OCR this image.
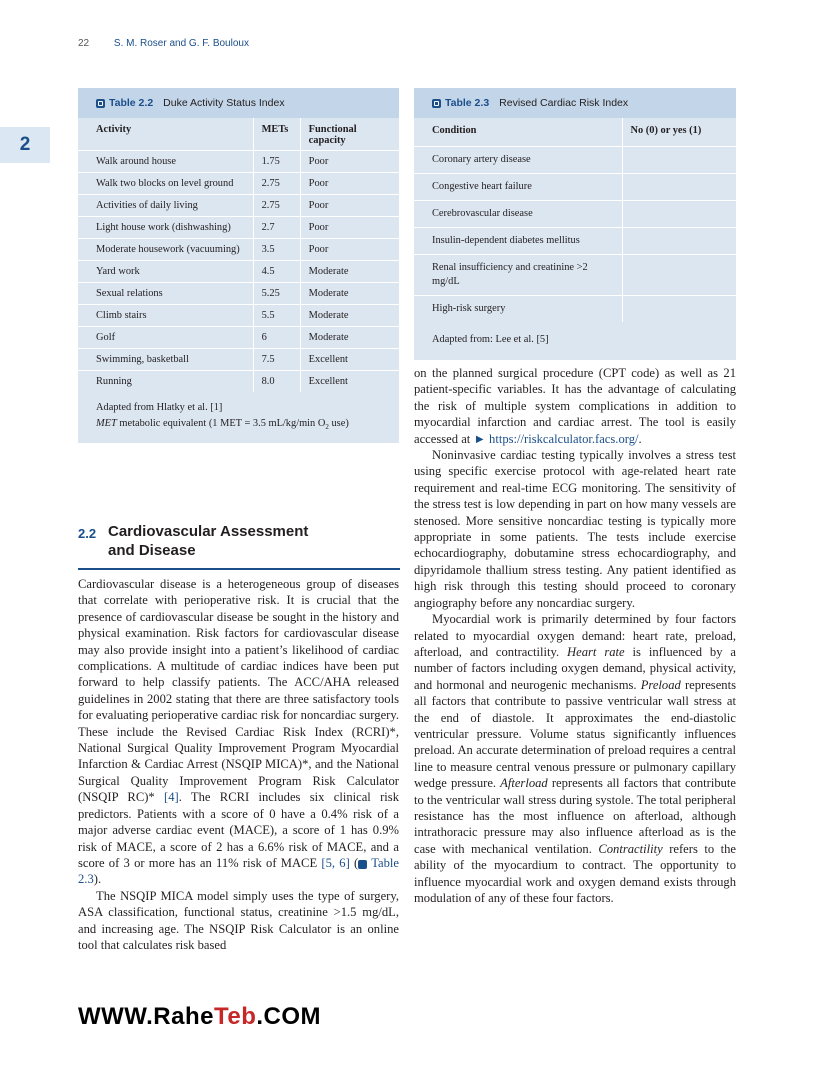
22 S. M. Roser and G. F. Bouloux
2
Table 2.2 Duke Activity Status Index
Activity	METs	Functional capacity
Walk around house	1.75	Poor
Walk two blocks on level ground	2.75	Poor
Activities of daily living	2.75	Poor
Light house work (dishwashing)	2.7	Poor
Moderate housework (vacuuming)	3.5	Poor
Yard work	4.5	Moderate
Sexual relations	5.25	Moderate
Climb stairs	5.5	Moderate
Golf	6	Moderate
Swimming, basketball	7.5	Excellent
Running	8.0	Excellent
Adapted from Hlatky et al. [1]
MET metabolic equivalent (1 MET = 3.5 mL/kg/min $O_2$ use)
Table 2.3 Revised Cardiac Risk Index
Condition	No (0) or yes (1)
Coronary artery disease	
Congestive heart failure	
Cerebrovascular disease	
Insulin-dependent diabetes mellitus	
Renal insufficiency and creatinine >2 mg/dL	
High-risk surgery	
Adapted from: Lee et al. [5]
2.2 Cardiovascular Assessment and Disease

Cardiovascular disease is a heterogeneous group of diseases that correlate with perioperative risk. It is crucial that the presence of cardiovascular disease be sought in the history and physical examination. Risk factors for cardiovascular disease may also provide insight into a patient’s likelihood of cardiac complications. A multitude of cardiac indices have been put forward to help classify patients. The ACC/AHA released guidelines in 2002 stating that there are three satisfactory tools for evaluating perioperative cardiac risk for noncardiac surgery. These include the Revised Cardiac Risk Index (RCRI)*, National Surgical Quality Improvement Program Myocardial Infarction & Cardiac Arrest (NSQIP MICA)*, and the National Surgical Quality Improvement Program Risk Calculator (NSQIP RC)* [4]. The RCRI includes six clinical risk predictors. Patients with a score of 0 have a 0.4% risk of a major adverse cardiac event (MACE), a score of 1 has 0.9% risk of MACE, a score of 2 has a 6.6% risk of MACE, and a score of 3 or more has an 11% risk of MACE [5, 6] ( Table 2.3).

The NSQIP MICA model simply uses the type of surgery, ASA classification, functional status, creatinine >1.5 mg/dL, and increasing age. The NSQIP Risk Calculator is an online tool that calculates risk based

on the planned surgical procedure (CPT code) as well as 21 patient-specific variables. It has the advantage of calculating the risk of multiple system complications in addition to myocardial infarction and cardiac arrest. The tool is easily accessed at ► https://riskcalculator.facs.org/.

Noninvasive cardiac testing typically involves a stress test using specific exercise protocol with age-related heart rate requirement and real-time ECG monitoring. The sensitivity of the stress test is low depending in part on how many vessels are stenosed. More sensitive noncardiac testing is typically more appropriate in some patients. The tests include exercise echocardiography, dobutamine stress echocardiography, and dipyridamole thallium stress testing. Any patient identified as high risk through this testing should proceed to coronary angiography before any noncardiac surgery.

Myocardial work is primarily determined by four factors related to myocardial oxygen demand: heart rate, preload, afterload, and contractility. Heart rate is influenced by a number of factors including oxygen demand, physical activity, and hormonal and neurogenic mechanisms. Preload represents all factors that contribute to passive ventricular wall stress at the end of diastole. It approximates the end-diastolic ventricular pressure. Volume status significantly influences preload. An accurate determination of preload requires a central line to measure central venous pressure or pulmonary capillary wedge pressure. Afterload represents all factors that contribute to the ventricular wall stress during systole. The total peripheral resistance has the most influence on afterload, although intrathoracic pressure may also influence afterload as is the case with mechanical ventilation. Contractility refers to the ability of the myocardium to contract. The opportunity to influence myocardial work and oxygen demand exists through modulation of any of these four factors.

WWW.RaheTeb.COM
